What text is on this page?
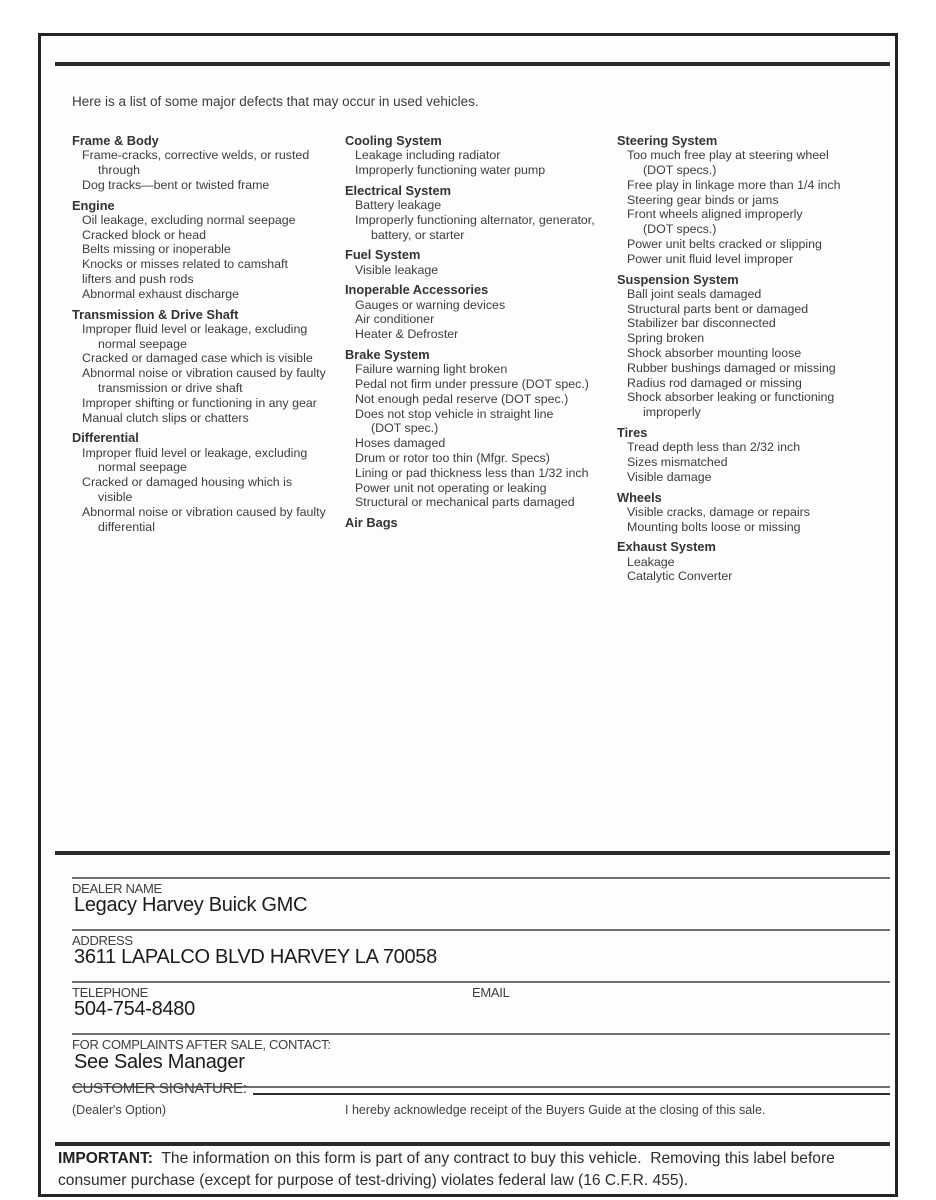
Here is a list of some major defects that may occur in used vehicles.
Frame & Body
Frame-cracks, corrective welds, or rusted
through
Dog tracks—bent or twisted frame
Engine
Oil leakage, excluding normal seepage
Cracked block or head
Belts missing or inoperable
Knocks or misses related to camshaft
lifters and push rods
Abnormal exhaust discharge
Transmission & Drive Shaft
Improper fluid level or leakage, excluding
normal seepage
Cracked or damaged case which is visible
Abnormal noise or vibration caused by faulty
transmission or drive shaft
Improper shifting or functioning in any gear
Manual clutch slips or chatters
Differential
Improper fluid level or leakage, excluding
normal seepage
Cracked or damaged housing which is
visible
Abnormal noise or vibration caused by faulty
differential
Cooling System
Leakage including radiator
Improperly functioning water pump
Electrical System
Battery leakage
Improperly functioning alternator, generator,
battery, or starter
Fuel System
Visible leakage
Inoperable Accessories
Gauges or warning devices
Air conditioner
Heater & Defroster
Brake System
Failure warning light broken
Pedal not firm under pressure (DOT spec.)
Not enough pedal reserve (DOT spec.)
Does not stop vehicle in straight line
(DOT spec.)
Hoses damaged
Drum or rotor too thin (Mfgr. Specs)
Lining or pad thickness less than 1/32 inch
Power unit not operating or leaking
Structural or mechanical parts damaged
Air Bags
Steering System
Too much free play at steering wheel
(DOT specs.)
Free play in linkage more than 1/4 inch
Steering gear binds or jams
Front wheels aligned improperly
(DOT specs.)
Power unit belts cracked or slipping
Power unit fluid level improper
Suspension System
Ball joint seals damaged
Structural parts bent or damaged
Stabilizer bar disconnected
Spring broken
Shock absorber mounting loose
Rubber bushings damaged or missing
Radius rod damaged or missing
Shock absorber leaking or functioning
improperly
Tires
Tread depth less than 2/32 inch
Sizes mismatched
Visible damage
Wheels
Visible cracks, damage or repairs
Mounting bolts loose or missing
Exhaust System
Leakage
Catalytic Converter
DEALER NAME
Legacy Harvey Buick GMC
ADDRESS
3611 LAPALCO BLVD HARVEY LA 70058
TELEPHONE	EMAIL
504-754-8480
FOR COMPLAINTS AFTER SALE, CONTACT:
See Sales Manager
CUSTOMER SIGNATURE:
(Dealer's Option)	I hereby acknowledge receipt of the Buyers Guide at the closing of this sale.
IMPORTANT:  The information on this form is part of any contract to buy this vehicle.  Removing this label before consumer purchase (except for purpose of test-driving) violates federal law (16 C.F.R. 455).
